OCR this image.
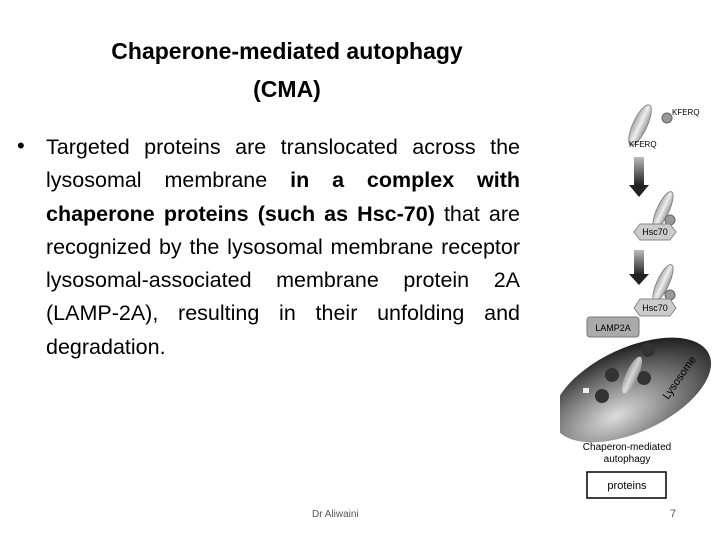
Chaperone-mediated autophagy
(CMA)
• Targeted proteins are translocated across the lysosomal membrane in a complex with chaperone proteins (such as Hsc-70) that are recognized by the lysosomal membrane receptor lysosomal-associated membrane protein 2A (LAMP-2A), resulting in their unfolding and degradation.
KFERQ
KFERQ
Hsc70
Hsc70
LAMP2A
Lysosome
Chaperon-mediated
autophagy
proteins
Dr Aliwaini	7
